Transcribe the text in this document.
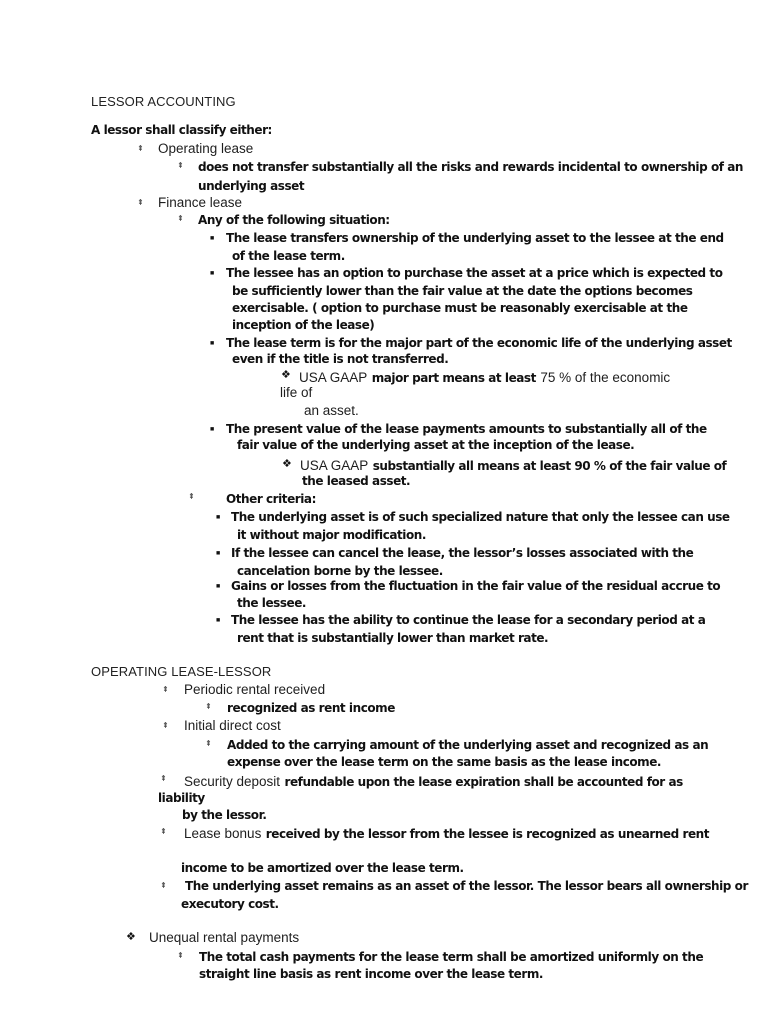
LESSOR ACCOUNTING
A lessor shall classify either:
⇞ Operating lease
⇞ does not transfer substantially all the risks and rewards incidental to ownership of an
underlying asset
⇞ Finance lease
⇞ Any of the following situation:
■ The lease transfers ownership of the underlying asset to the lessee at the end
of the lease term.
■ The lessee has an option to purchase the asset at a price which is expected to
be sufficiently lower than the fair value at the date the options becomes
exercisable. ( option to purchase must be reasonably exercisable at the
inception of the lease)
■ The lease term is for the major part of the economic life of the underlying asset
even if the title is not transferred.
❖ USA GAAP major part means at least 75 % of the economic
life of
an asset.
■ The present value of the lease payments amounts to substantially all of the
fair value of the underlying asset at the inception of the lease.
❖ USA GAAP substantially all means at least 90 % of the fair value of
the leased asset.
⇞	Other criteria:
■ The underlying asset is of such specialized nature that only the lessee can use
it without major modification.
■ If the lessee can cancel the lease, the lessor’s losses associated with the
cancelation borne by the lessee.
■ Gains or losses from the fluctuation in the fair value of the residual accrue to
the lessee.
■ The lessee has the ability to continue the lease for a secondary period at a
rent that is substantially lower than market rate.
OPERATING LEASE-LESSOR
⇞ Periodic rental received
⇞ recognized as rent income
⇞ Initial direct cost
⇞ Added to the carrying amount of the underlying asset and recognized as an
expense over the lease term on the same basis as the lease income.
⇞ Security deposit refundable upon the lease expiration shall be accounted for as
liability
by the lessor.
⇞ Lease bonus received by the lessor from the lessee is recognized as unearned rent
income to be amortized over the lease term.
⇞ The underlying asset remains as an asset of the lessor. The lessor bears all ownership or
executory cost.
❖ Unequal rental payments
⇞ The total cash payments for the lease term shall be amortized uniformly on the
straight line basis as rent income over the lease term.
